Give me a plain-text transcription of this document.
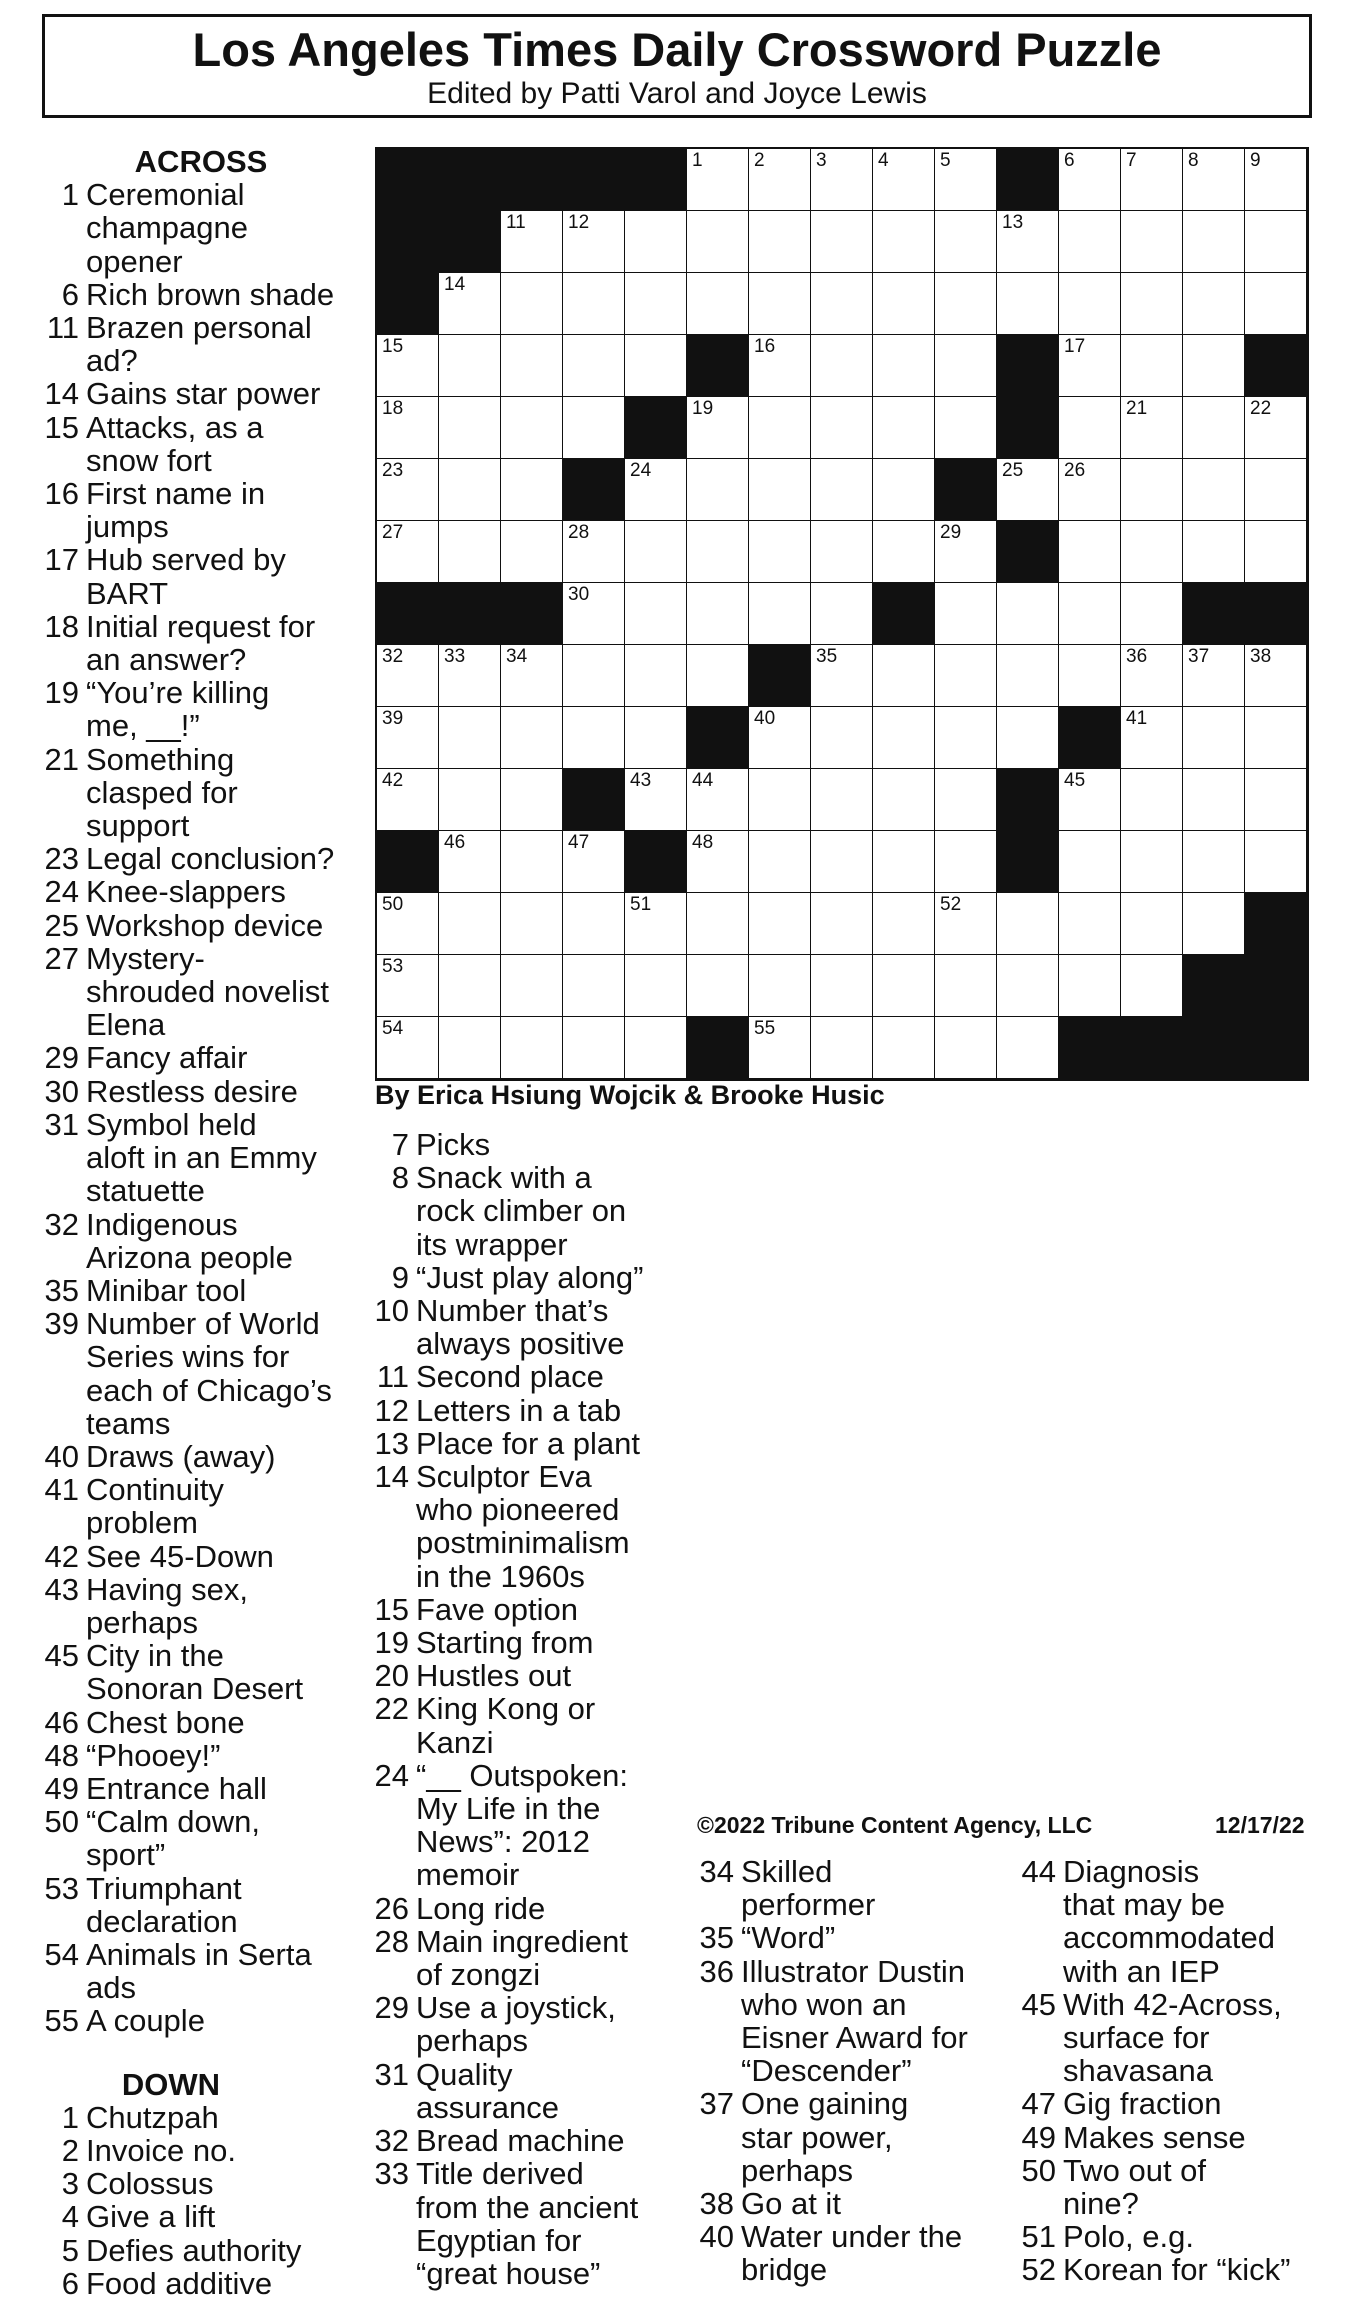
Los Angeles Times Daily Crossword Puzzle
Edited by Patti Varol and Joyce Lewis
ACROSS
1 Ceremonial
champagne
opener
6 Rich brown shade
11 Brazen personal
ad?
14 Gains star power
15 Attacks, as a
snow fort
16 First name in
jumps
17 Hub served by
BART
18 Initial request for
an answer?
19 “You’re killing
me, __!”
21 Something
clasped for
support
23 Legal conclusion?
24 Knee-slappers
25 Workshop device
27 Mystery-
shrouded novelist
Elena
29 Fancy affair
30 Restless desire
31 Symbol held
aloft in an Emmy
statuette
32 Indigenous
Arizona people
35 Minibar tool
39 Number of World
Series wins for
each of Chicago’s
teams
40 Draws (away)
41 Continuity
problem
42 See 45-Down
43 Having sex,
perhaps
45 City in the
Sonoran Desert
46 Chest bone
48 “Phooey!”
49 Entrance hall
50 “Calm down,
sport”
53 Triumphant
declaration
54 Animals in Serta
ads
55 A couple
DOWN
1 Chutzpah
2 Invoice no.
3 Colossus
4 Give a lift
5 Defies authority
6 Food additive
1	2	3	4	5	6	7	8	9
11 12	13
14
15	16	17
18	19	21	22
23	24	25 26
27	28	29
30
32 33 34	35	36 37 38
39	40	41
42	43 44	45
46	47	48
50	51	52
53
54	55
By Erica Hsiung Wojcik & Brooke Husic
7 Picks
8 Snack with a
rock climber on
its wrapper
9 “Just play along”
10 Number that’s
always positive
11 Second place
12 Letters in a tab
13 Place for a plant
14 Sculptor Eva
who pioneered
postminimalism
in the 1960s
15 Fave option
19 Starting from
20 Hustles out
22 King Kong or
Kanzi
24 “__ Outspoken:
My Life in the
News”: 2012
memoir
26 Long ride
28 Main ingredient
of zongzi
29 Use a joystick,
perhaps
31 Quality
assurance
32 Bread machine
33 Title derived
from the ancient
Egyptian for
“great house”
©2022 Tribune Content Agency, LLC	12/17/22
34 Skilled
performer
35 “Word”
36 Illustrator Dustin
who won an
Eisner Award for
“Descender”
37 One gaining
star power,
perhaps
38 Go at it
40 Water under the
bridge
44 Diagnosis
that may be
accommodated
with an IEP
45 With 42-Across,
surface for
shavasana
47 Gig fraction
49 Makes sense
50 Two out of
nine?
51 Polo, e.g.
52 Korean for “kick”
